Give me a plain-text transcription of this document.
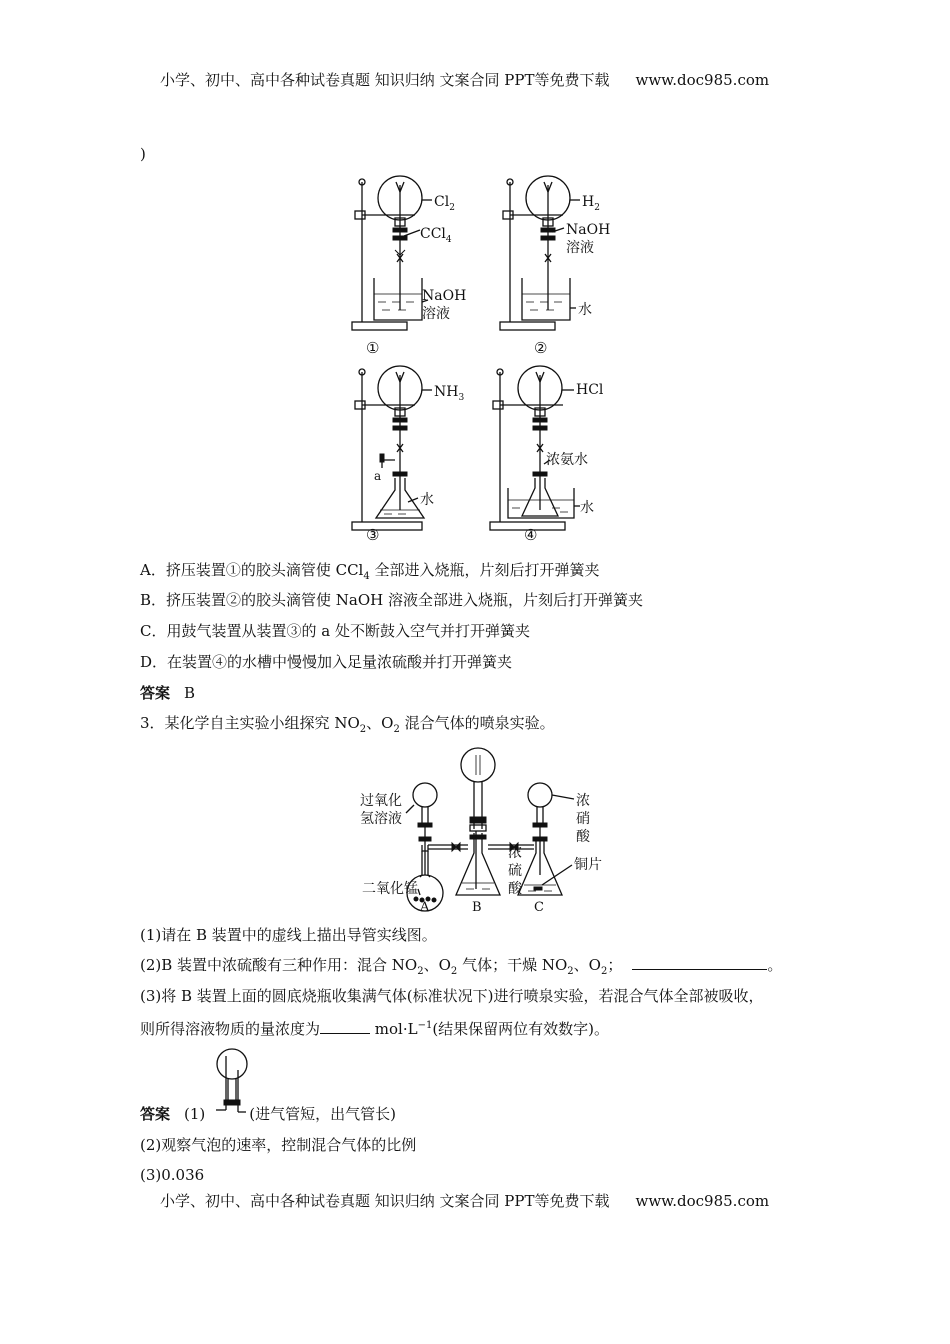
小学、初中、高中各种试卷真题 知识归纳 文案合同 PPT等免费下载 www.doc985.com
)
$Cl_2$
CCl$_4$
NaOH
溶液
①
$H_2$
NaOH
溶液
水
②
a
$NH_3$
水
③
HCl
浓氨水
水
④
A．挤压装置①的胶头滴管使 CCl$_4$ 全部进入烧瓶，片刻后打开弹簧夹
B．挤压装置②的胶头滴管使 NaOH 溶液全部进入烧瓶，片刻后打开弹簧夹
C．用鼓气装置从装置③的 a 处不断鼓入空气并打开弹簧夹
D．在装置④的水槽中慢慢加入足量浓硫酸并打开弹簧夹
答案 B
3．某化学自主实验小组探究 $NO_2$、$O_2$ 混合气体的喷泉实验。
过氧化
氢溶液
浓
硝
酸
浓
硫
酸
二氧化锰
铜片
A	B	C
(1)请在 B 装置中的虚线上描出导管实线图。
(2)B 装置中浓硫酸有三种作用：混合 $NO_2$、$O_2$ 气体；干燥 $NO_2$、$O_2$；	。
(3)将 B 装置上面的圆底烧瓶收集满气体(标准状况下)进行喷泉实验，若混合气体全部被吸收，
则所得溶液物质的量浓度为	$mol\cdot L^{-1}$(结果保留两位有效数字)。
答案 (1)	(进气管短，出气管长)
(2)观察气泡的速率，控制混合气体的比例
(3)0.036
小学、初中、高中各种试卷真题 知识归纳 文案合同 PPT等免费下载 www.doc985.com
